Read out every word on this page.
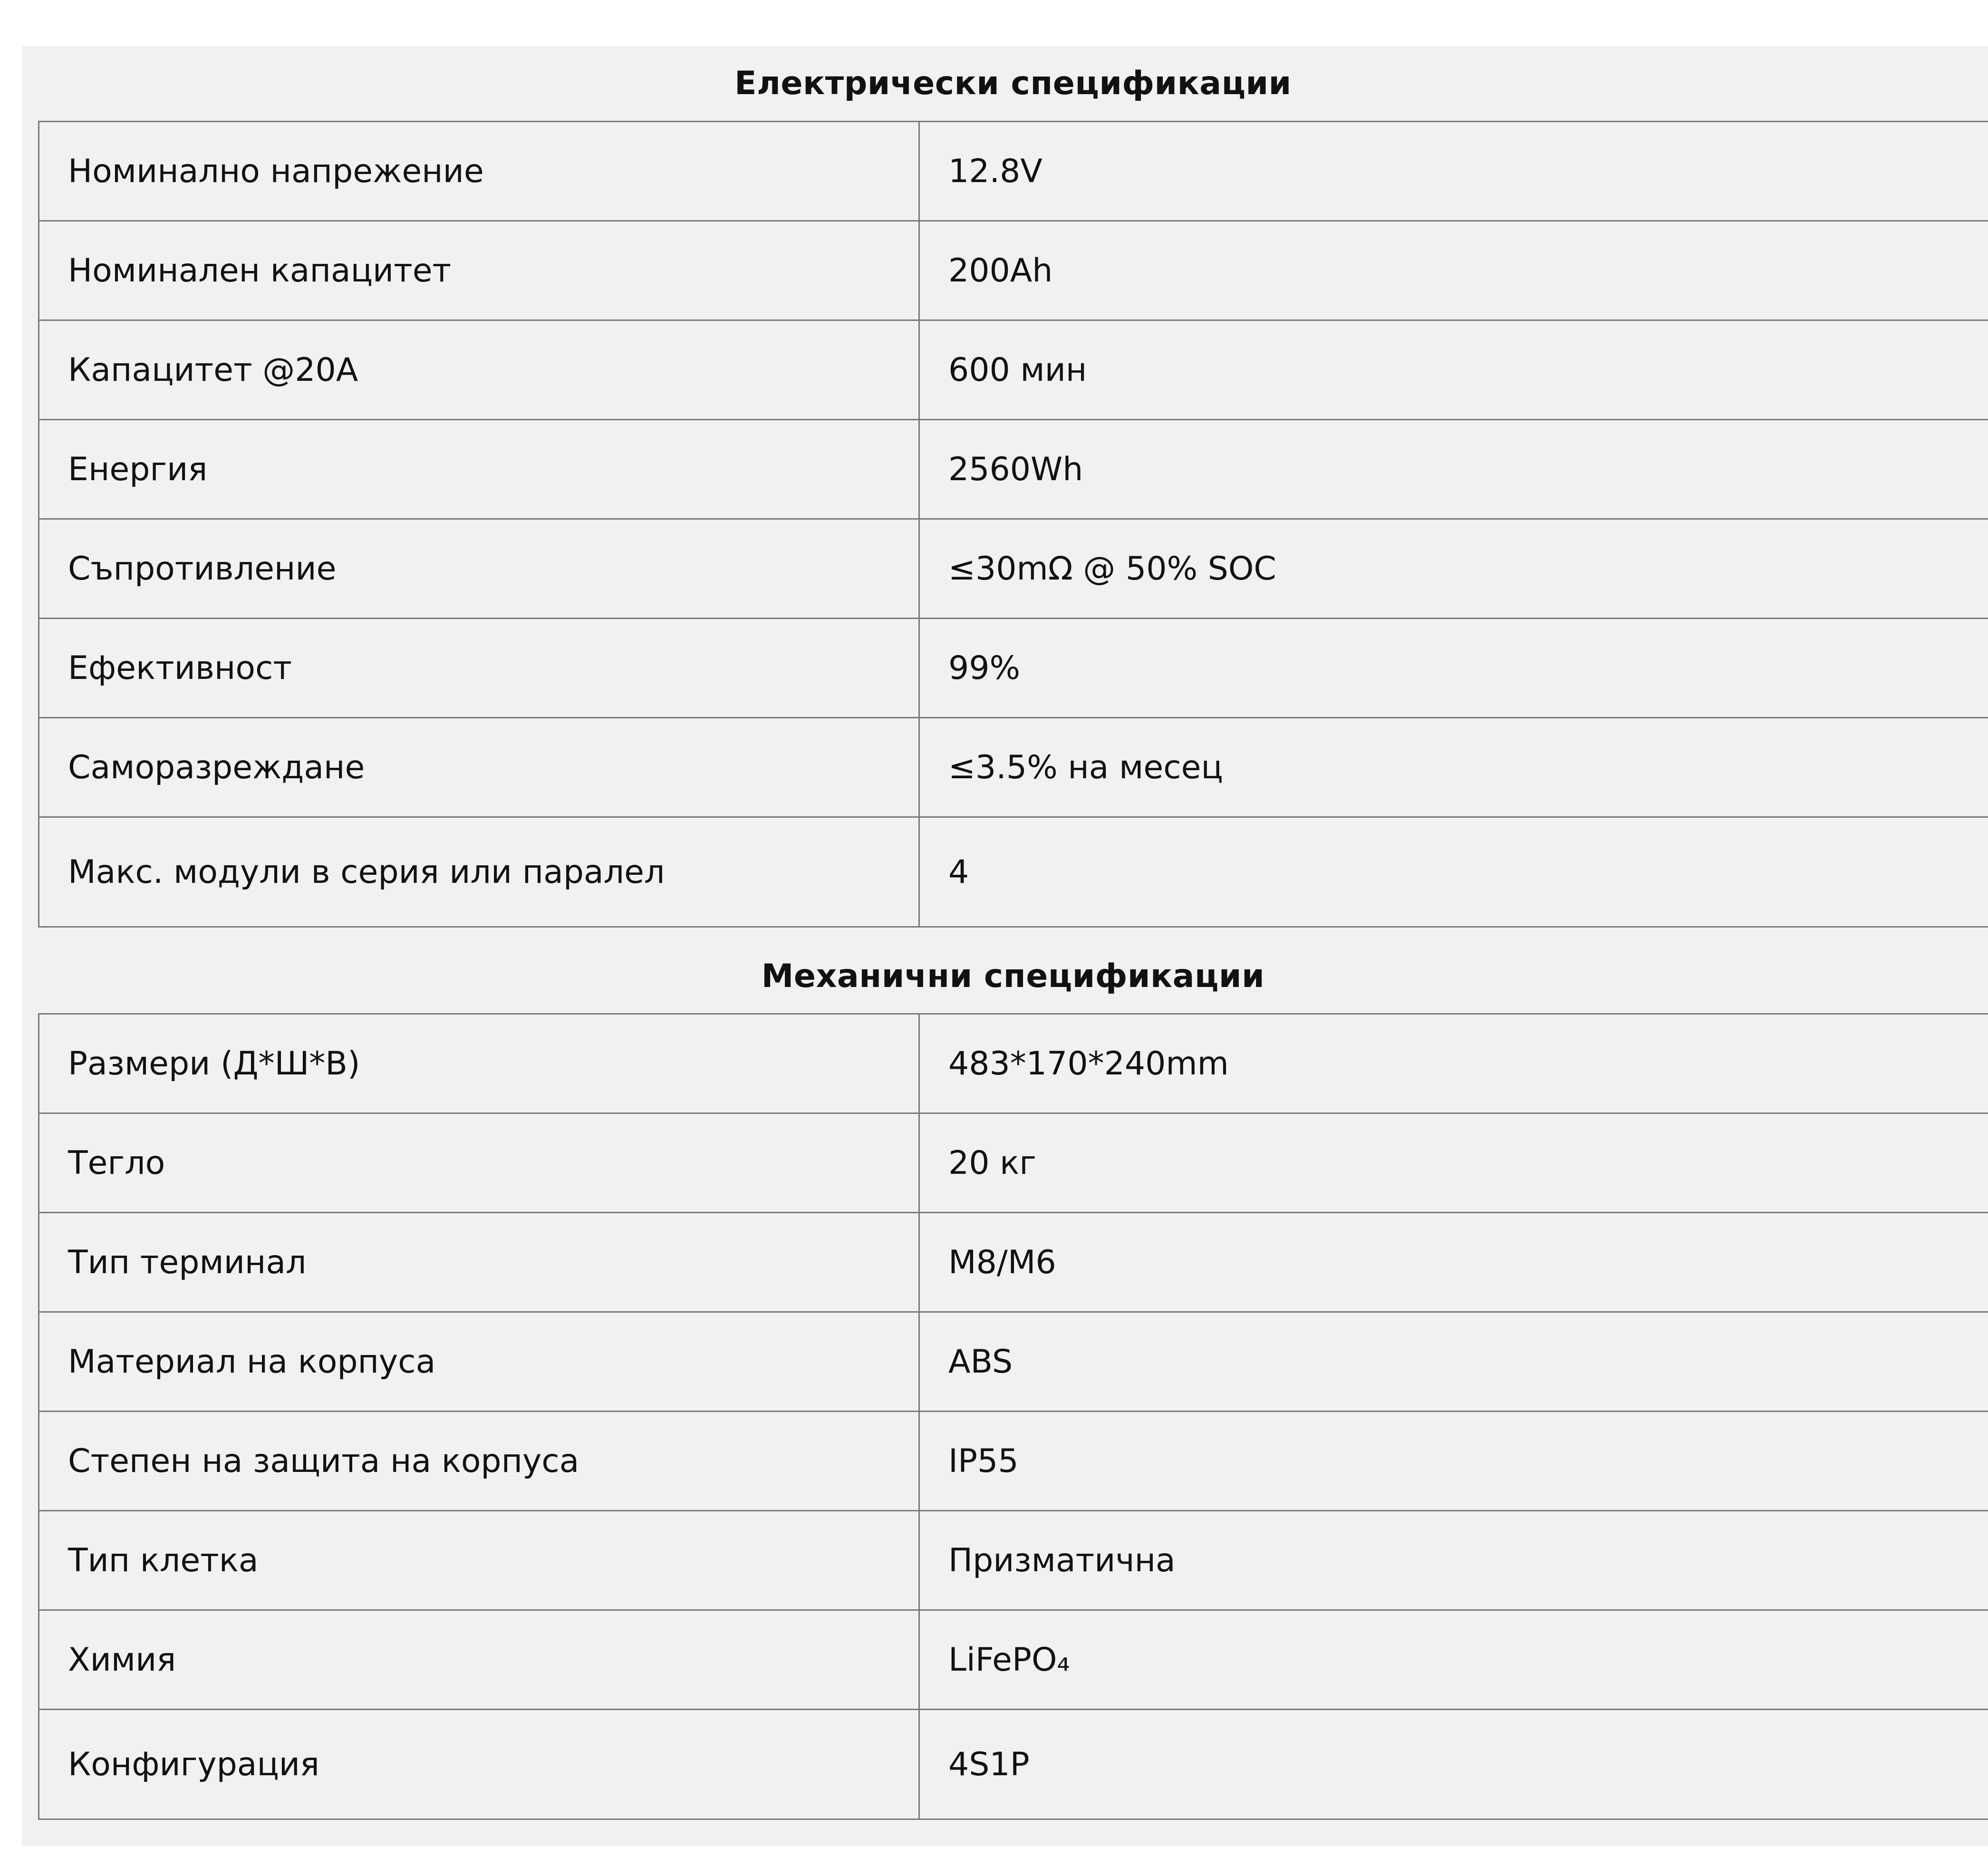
Електрически спецификации
Номинално напрежение	12.8V
Номинален капацитет	200Ah
Капацитет @20A	600 мин
Енергия	2560Wh
Съпротивление	≤30mΩ @ 50% SOC
Ефективност	99%
Саморазреждане	≤3.5% на месец
Макс. модули в серия или паралел	4
Механични спецификации
Размери (Д*Ш*В)	483*170*240mm
Тегло	20 кг
Тип терминал	M8/M6
Материал на корпуса	ABS
Степен на защита на корпуса	IP55
Тип клетка	Призматична
Химия	LiFePO₄
Конфигурация	4S1P
